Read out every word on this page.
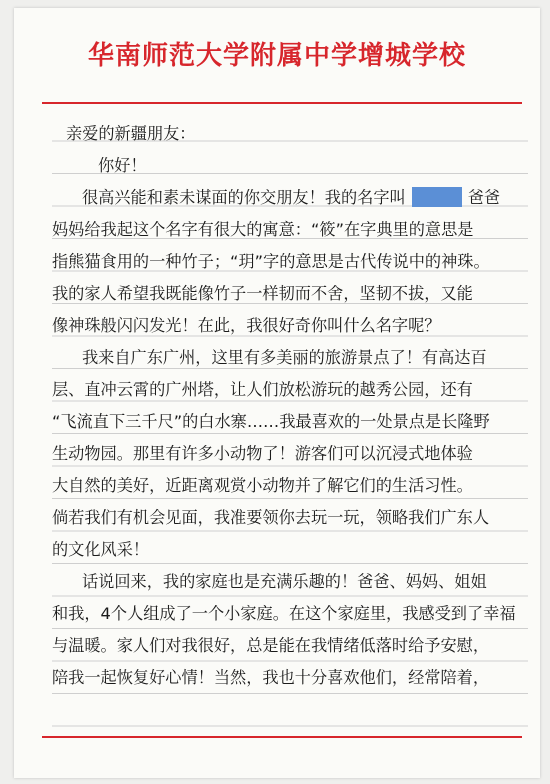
华南师范大学附属中学增城学校
亲爱的新疆朋友：
你好！
很高兴能和素未谋面的你交朋友！我的名字叫	爸爸
妈妈给我起这个名字有很大的寓意：“筱”在字典里的意思是
指熊猫食用的一种竹子；“玥”字的意思是古代传说中的神珠。
我的家人希望我既能像竹子一样韧而不舍，坚韧不拔，又能
像神珠般闪闪发光！在此，我很好奇你叫什么名字呢？
我来自广东广州，这里有多美丽的旅游景点了！有高达百
层、直冲云霄的广州塔，让人们放松游玩的越秀公园，还有
“飞流直下三千尺”的白水寨……我最喜欢的一处景点是长隆野
生动物园。那里有许多小动物了！游客们可以沉浸式地体验
大自然的美好，近距离观赏小动物并了解它们的生活习性。
倘若我们有机会见面，我准要领你去玩一玩，领略我们广东人
的文化风采！
话说回来，我的家庭也是充满乐趣的！爸爸、妈妈、姐姐
和我，4个人组成了一个小家庭。在这个家庭里，我感受到了幸福
与温暖。家人们对我很好，总是能在我情绪低落时给予安慰，
陪我一起恢复好心情！当然，我也十分喜欢他们，经常陪着，
